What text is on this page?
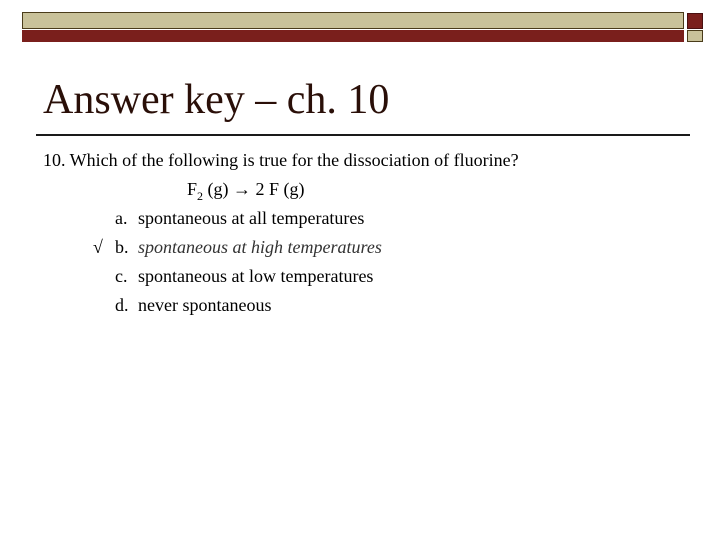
Answer key – ch. 10
10. Which of the following is true for the dissociation of fluorine?
$F_2$ (g) → 2 F (g)
a. spontaneous at all temperatures
√ b. spontaneous at high temperatures
c. spontaneous at low temperatures
d. never spontaneous
